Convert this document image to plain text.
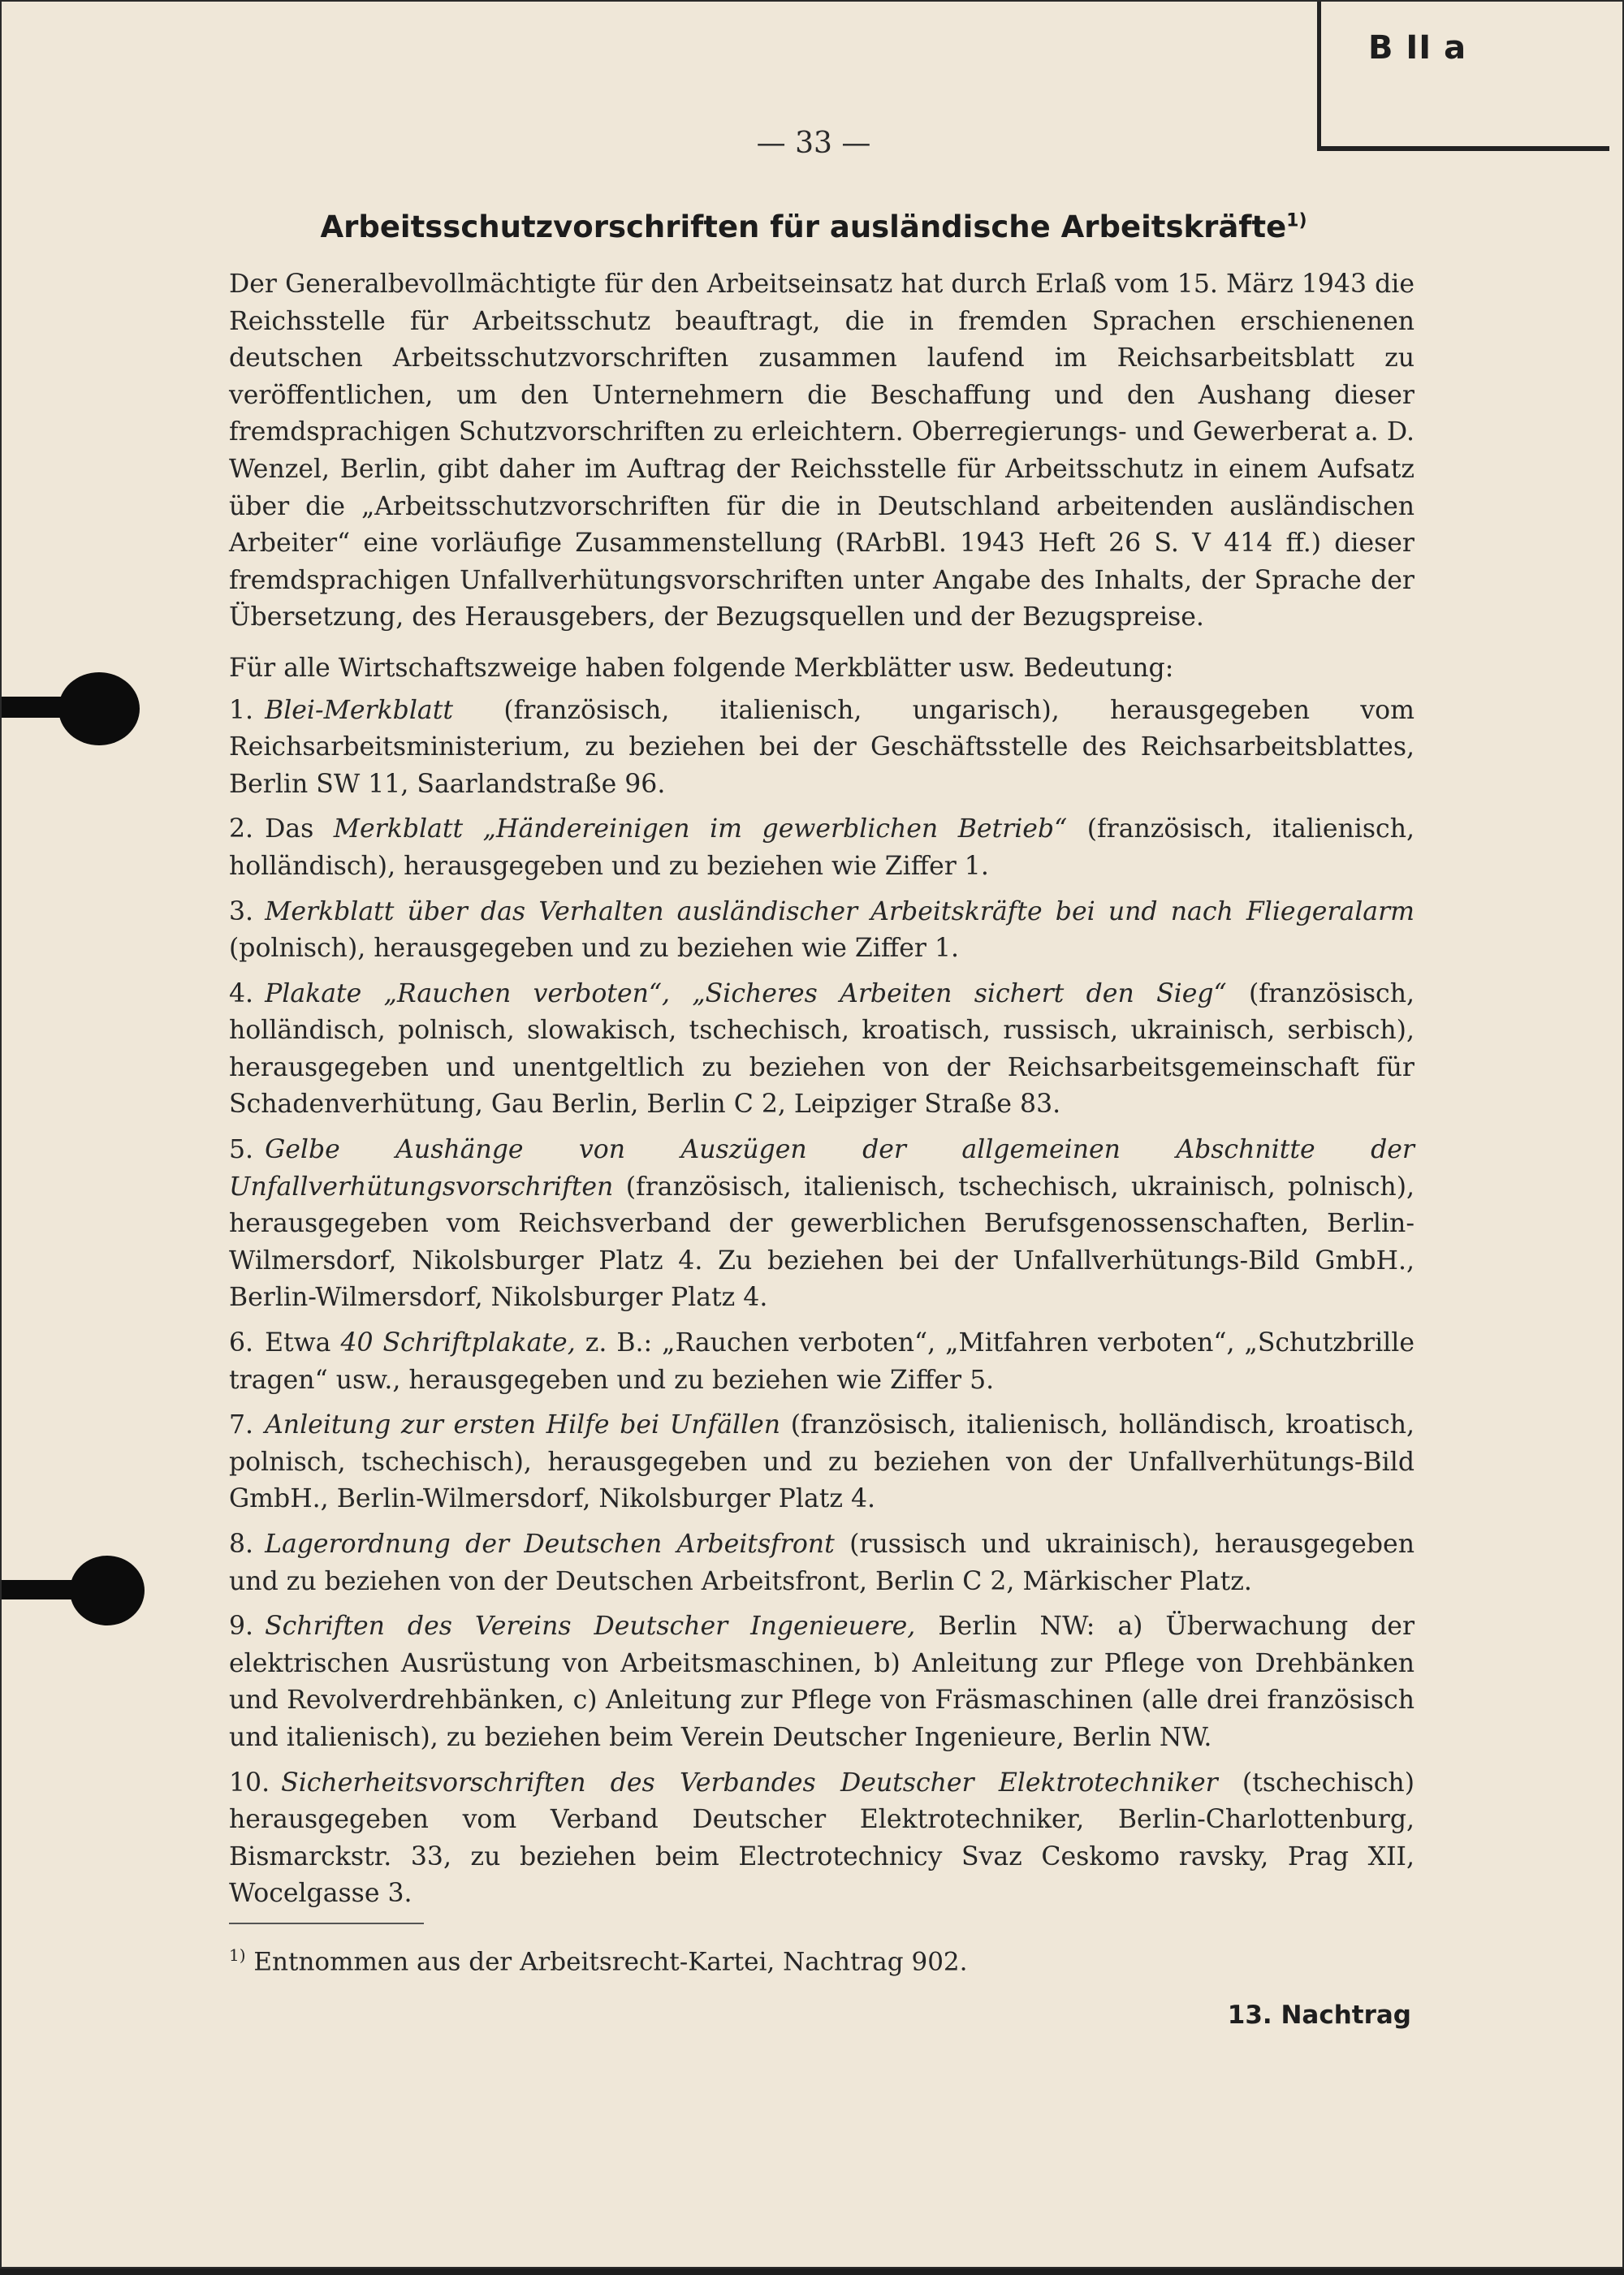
B II a
— 33 —
Arbeitsschutzvorschriften für ausländische Arbeitskräfte$^{1)}$

Der Generalbevollmächtigte für den Arbeitseinsatz hat durch Erlaß vom 15. März 1943 die Reichsstelle für Arbeitsschutz beauftragt, die in fremden Sprachen erschienenen deutschen Arbeitsschutzvorschriften zusammen laufend im Reichsarbeitsblatt zu veröffentlichen, um den Unternehmern die Beschaffung und den Aushang dieser fremdsprachigen Schutzvorschriften zu erleichtern. Oberregierungs- und Gewerberat a. D. Wenzel, Berlin, gibt daher im Auftrag der Reichsstelle für Arbeitsschutz in einem Aufsatz über die „Arbeitsschutzvorschriften für die in Deutschland arbeitenden ausländischen Arbeiter“ eine vorläufige Zusammenstellung (RArbBl. 1943 Heft 26 S. V 414 ff.) dieser fremdsprachigen Unfallverhütungsvorschriften unter Angabe des Inhalts, der Sprache der Übersetzung, des Herausgebers, der Bezugsquellen und der Bezugspreise.

Für alle Wirtschaftszweige haben folgende Merkblätter usw. Bedeutung:

1. Blei-Merkblatt (französisch, italienisch, ungarisch), herausgegeben vom Reichsarbeitsministerium, zu beziehen bei der Geschäftsstelle des Reichsarbeitsblattes, Berlin SW 11, Saarlandstraße 96.

2. Das Merkblatt „Händereinigen im gewerblichen Betrieb“ (französisch, italienisch, holländisch), herausgegeben und zu beziehen wie Ziffer 1.

3. Merkblatt über das Verhalten ausländischer Arbeitskräfte bei und nach Fliegeralarm (polnisch), herausgegeben und zu beziehen wie Ziffer 1.

4. Plakate „Rauchen verboten“, „Sicheres Arbeiten sichert den Sieg“ (französisch, holländisch, polnisch, slowakisch, tschechisch, kroatisch, russisch, ukrainisch, serbisch), herausgegeben und unentgeltlich zu beziehen von der Reichsarbeitsgemeinschaft für Schadenverhütung, Gau Berlin, Berlin C 2, Leipziger Straße 83.

5. Gelbe Aushänge von Auszügen der allgemeinen Abschnitte der Unfallverhütungsvorschriften (französisch, italienisch, tschechisch, ukrainisch, polnisch), herausgegeben vom Reichsverband der gewerblichen Berufsgenossenschaften, Berlin-Wilmersdorf, Nikolsburger Platz 4. Zu beziehen bei der Unfallverhütungs-Bild GmbH., Berlin-Wilmersdorf, Nikolsburger Platz 4.

6. Etwa 40 Schriftplakate, z. B.: „Rauchen verboten“, „Mitfahren verboten“, „Schutzbrille tragen“ usw., herausgegeben und zu beziehen wie Ziffer 5.

7. Anleitung zur ersten Hilfe bei Unfällen (französisch, italienisch, holländisch, kroatisch, polnisch, tschechisch), herausgegeben und zu beziehen von der Unfallverhütungs-Bild GmbH., Berlin-Wilmersdorf, Nikolsburger Platz 4.

8. Lagerordnung der Deutschen Arbeitsfront (russisch und ukrainisch), herausgegeben und zu beziehen von der Deutschen Arbeitsfront, Berlin C 2, Märkischer Platz.

9. Schriften des Vereins Deutscher Ingenieuere, Berlin NW: a) Überwachung der elektrischen Ausrüstung von Arbeitsmaschinen, b) Anleitung zur Pflege von Drehbänken und Revolverdrehbänken, c) Anleitung zur Pflege von Fräsmaschinen (alle drei französisch und italienisch), zu beziehen beim Verein Deutscher Ingenieure, Berlin NW.

10. Sicherheitsvorschriften des Verbandes Deutscher Elektrotechniker (tschechisch) herausgegeben vom Verband Deutscher Elektrotechniker, Berlin-Charlottenburg, Bismarckstr. 33, zu beziehen beim Electrotechnicy Svaz Ceskomo ravsky, Prag XII, Wocelgasse 3.

$^{1)}$ Entnommen aus der Arbeitsrecht-Kartei, Nachtrag 902.

13. Nachtrag
